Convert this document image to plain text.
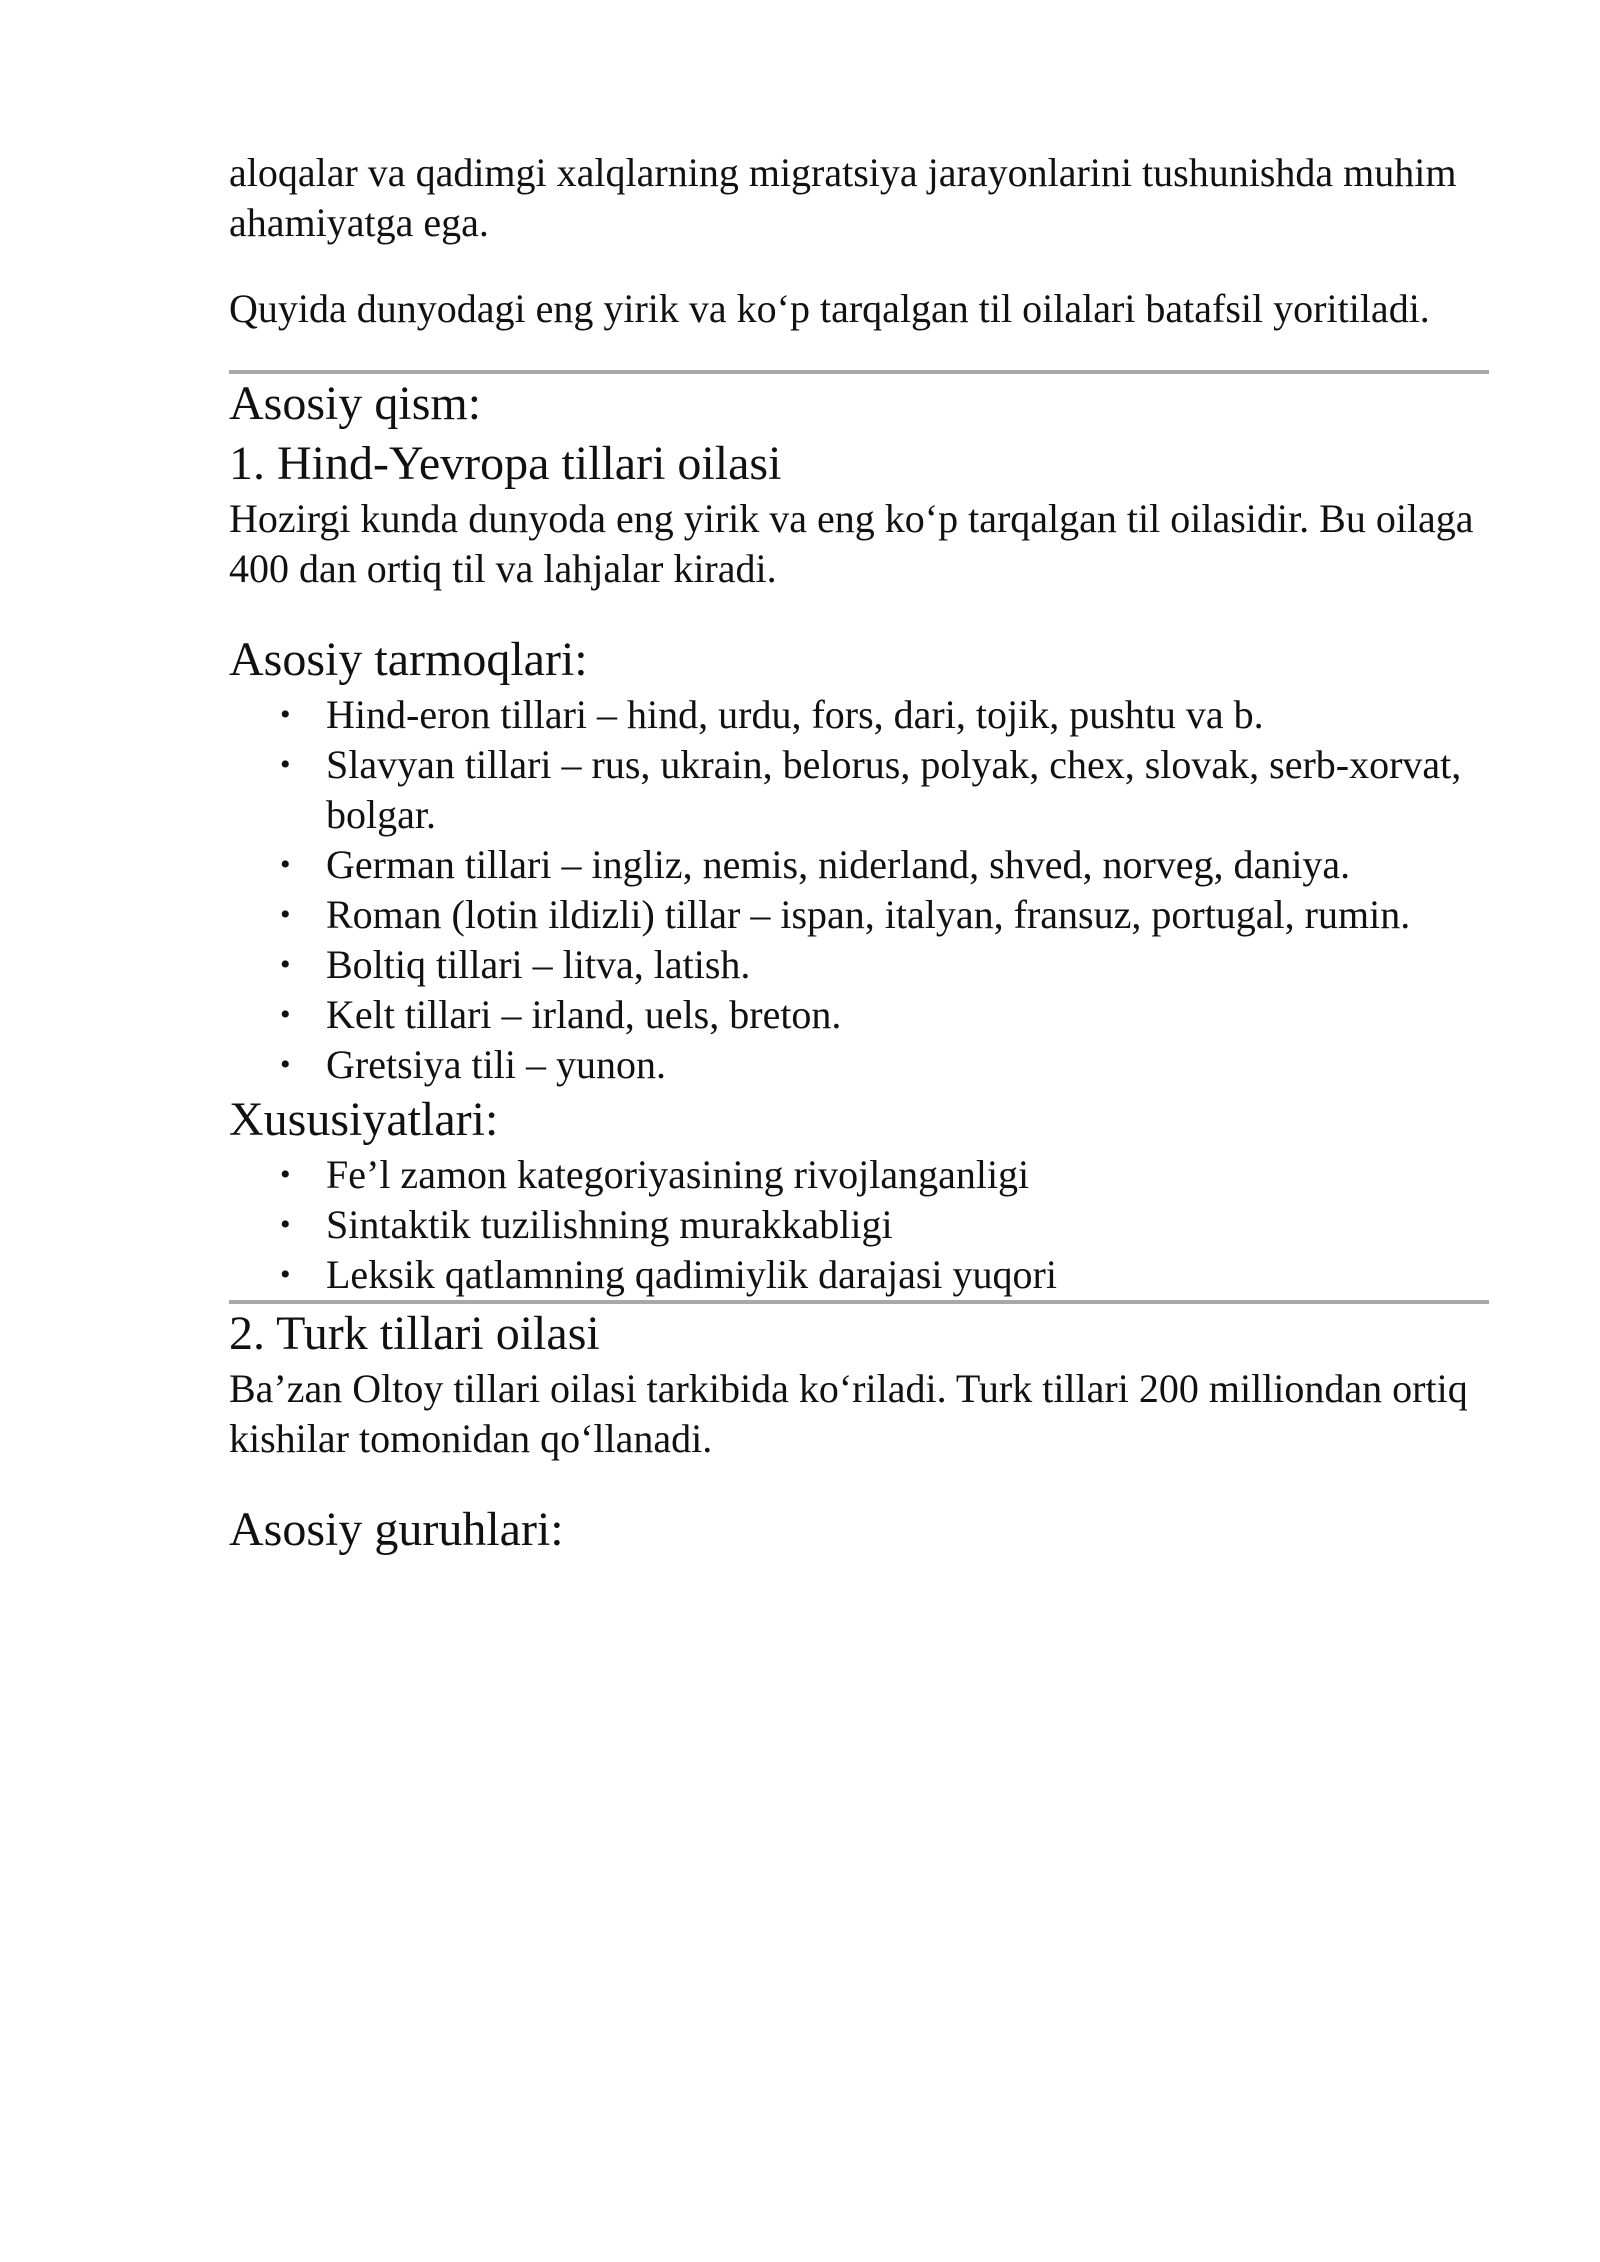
aloqalar va qadimgi xalqlarning migratsiya jarayonlarini tushunishda muhim ahamiyatga ega.

Quyida dunyodagi eng yirik va ko‘p tarqalgan til oilalari batafsil yoritiladi.

Asosiy qism:
1. Hind-Yevropa tillari oilasi

Hozirgi kunda dunyoda eng yirik va eng ko‘p tarqalgan til oilasidir. Bu oilaga 400 dan ortiq til va lahjalar kiradi.

Asosiy tarmoqlari:
• Hind-eron tillari – hind, urdu, fors, dari, tojik, pushtu va b.
• Slavyan tillari – rus, ukrain, belorus, polyak, chex, slovak, serb-xorvat, bolgar.
• German tillari – ingliz, nemis, niderland, shved, norveg, daniya.
• Roman (lotin ildizli) tillar – ispan, italyan, fransuz, portugal, rumin.
• Boltiq tillari – litva, latish.
• Kelt tillari – irland, uels, breton.
• Gretsiya tili – yunon.
Xususiyatlari:
• Fe’l zamon kategoriyasining rivojlanganligi
• Sintaktik tuzilishning murakkabligi
• Leksik qatlamning qadimiylik darajasi yuqori
2. Turk tillari oilasi

Ba’zan Oltoy tillari oilasi tarkibida ko‘riladi. Turk tillari 200 milliondan ortiq kishilar tomonidan qo‘llanadi.

Asosiy guruhlari:
